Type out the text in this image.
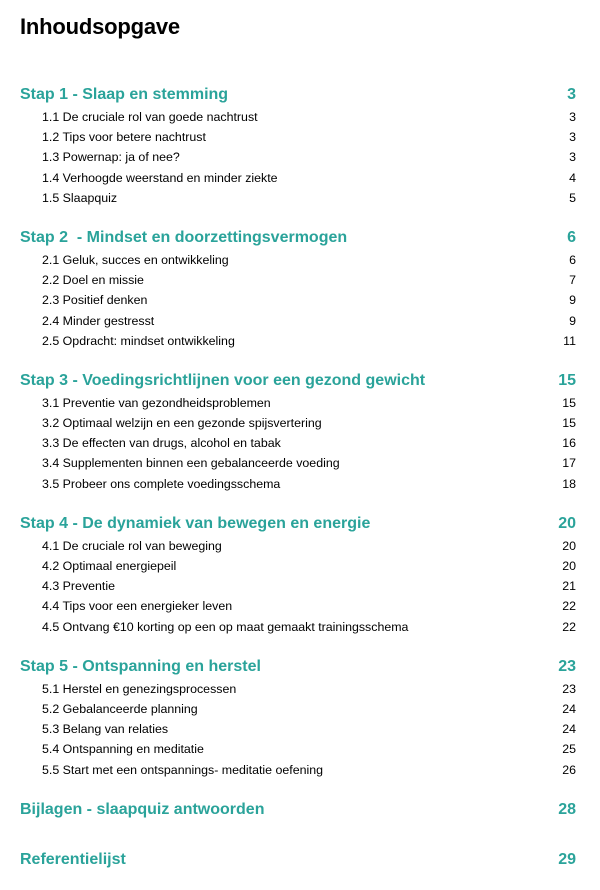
Inhoudsopgave
Stap 1 - Slaap en stemming	3
1.1 De cruciale rol van goede nachtrust	3
1.2 Tips voor betere nachtrust	3
1.3 Powernap: ja of nee?	3
1.4 Verhoogde weerstand en minder ziekte	4
1.5 Slaapquiz	5
Stap 2  - Mindset en doorzettingsvermogen	6
2.1 Geluk, succes en ontwikkeling	6
2.2 Doel en missie	7
2.3 Positief denken	9
2.4 Minder gestresst	9
2.5 Opdracht: mindset ontwikkeling	11
Stap 3 - Voedingsrichtlijnen voor een gezond gewicht	15
3.1 Preventie van gezondheidsproblemen	15
3.2 Optimaal welzijn en een gezonde spijsvertering	15
3.3 De effecten van drugs, alcohol en tabak	16
3.4 Supplementen binnen een gebalanceerde voeding	17
3.5 Probeer ons complete voedingsschema	18
Stap 4 - De dynamiek van bewegen en energie	20
4.1 De cruciale rol van beweging	20
4.2 Optimaal energiepeil	20
4.3 Preventie	21
4.4 Tips voor een energieker leven	22
4.5 Ontvang €10 korting op een op maat gemaakt trainingsschema	22
Stap 5 - Ontspanning en herstel	23
5.1 Herstel en genezingsprocessen	23
5.2 Gebalanceerde planning	24
5.3 Belang van relaties	24
5.4 Ontspanning en meditatie	25
5.5 Start met een ontspannings- meditatie oefening	26
Bijlagen - slaapquiz antwoorden	28
Referentielijst	29
